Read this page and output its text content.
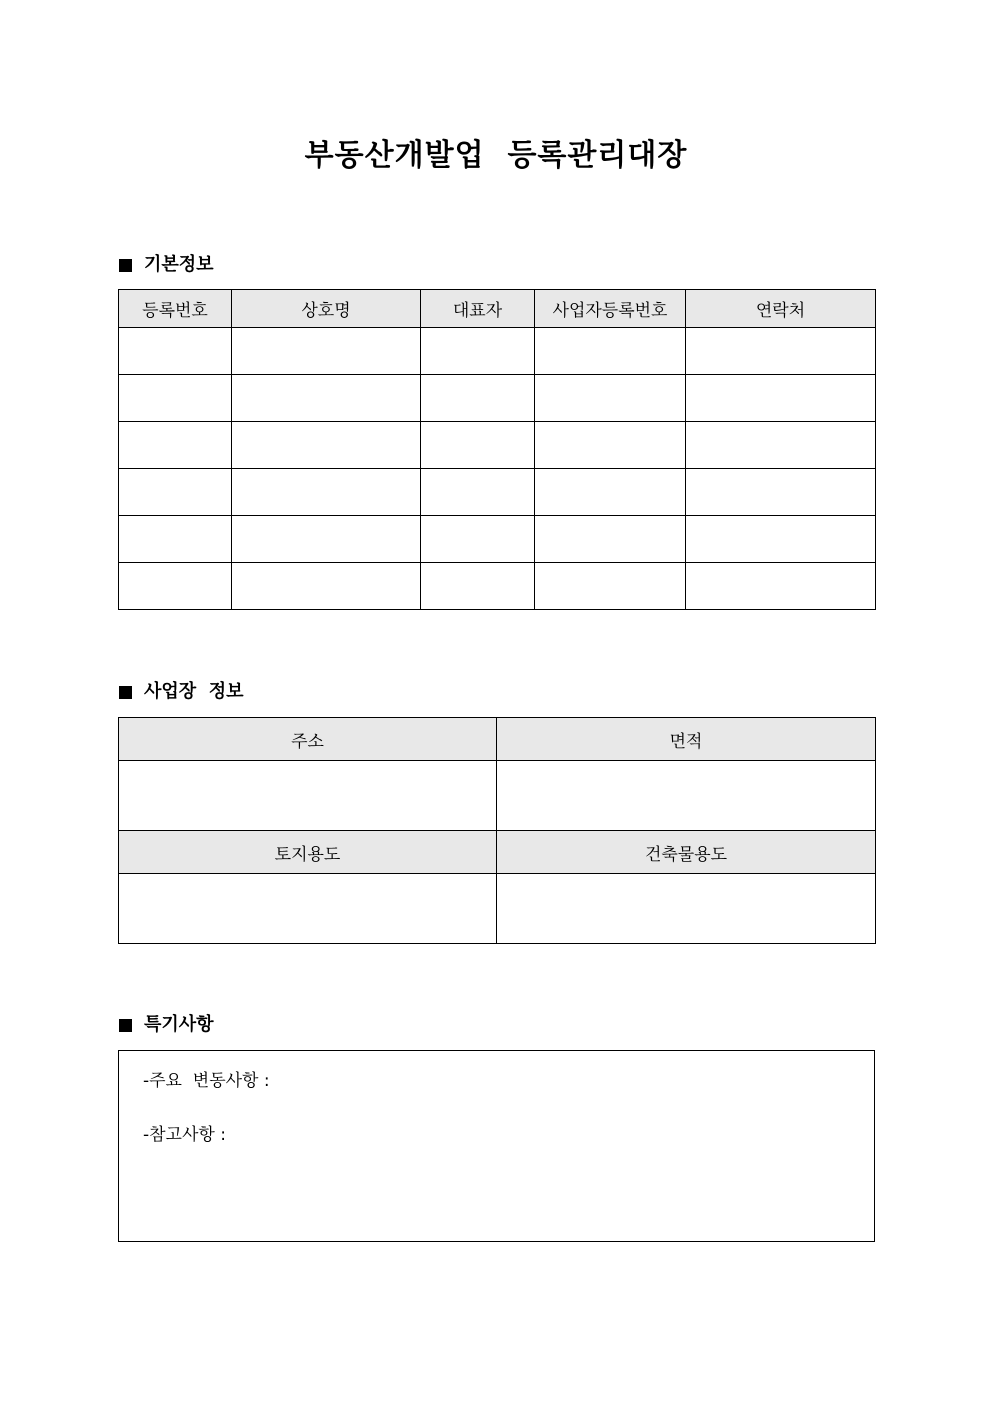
부동산개발업  등록관리대장
기본정보
등록번호	상호명	대표자	사업자등록번호	연락처

사업장  정보
주소	면적

토지용도	건축물용도

특기사항
-주요  변동사항 :
-참고사항 :
